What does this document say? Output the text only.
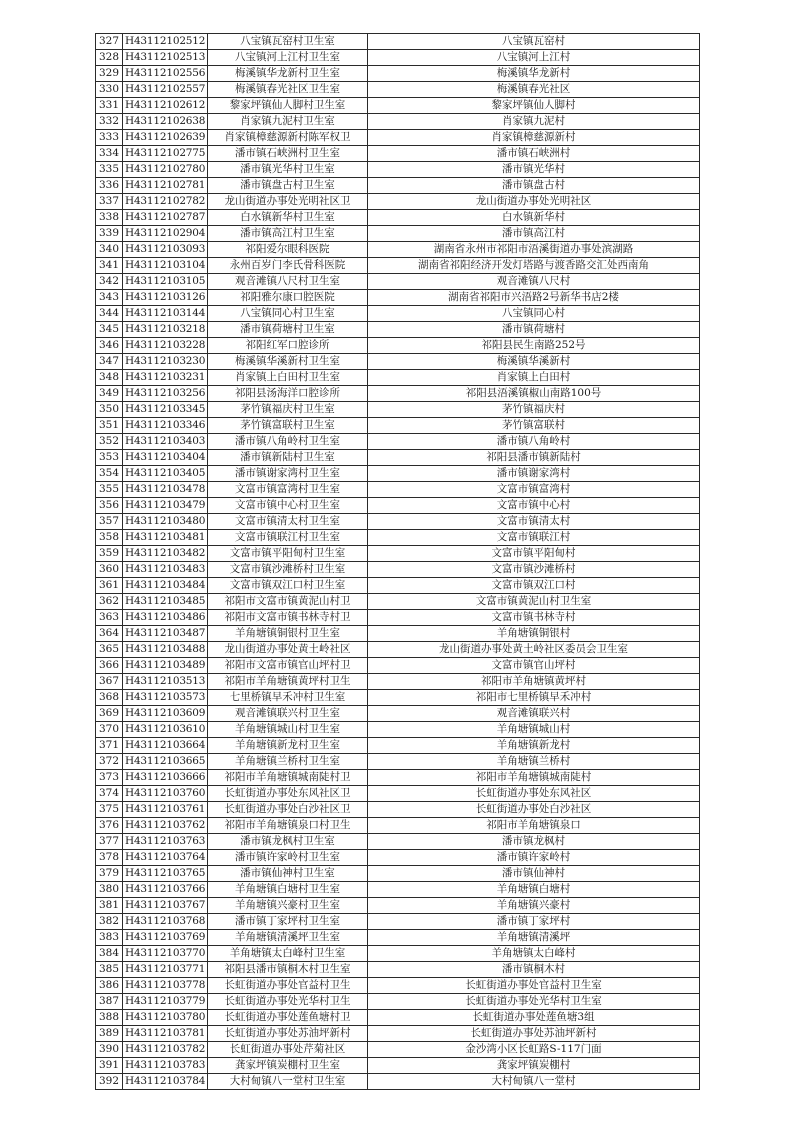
327	H43112102512	八宝镇瓦窑村卫生室	八宝镇瓦窑村
328	H43112102513	八宝镇河上江村卫生室	八宝镇河上江村
329	H43112102556	梅溪镇华龙新村卫生室	梅溪镇华龙新村
330	H43112102557	梅溪镇春光社区卫生室	梅溪镇春光社区
331	H43112102612	黎家坪镇仙人脚村卫生室	黎家坪镇仙人脚村
332	H43112102638	肖家镇九泥村卫生室	肖家镇九泥村
333	H43112102639	肖家镇樟慈源新村陈军权卫	肖家镇樟慈源新村
334	H43112102775	潘市镇石峡洲村卫生室	潘市镇石峡洲村
335	H43112102780	潘市镇光华村卫生室	潘市镇光华村
336	H43112102781	潘市镇盘古村卫生室	潘市镇盘古村
337	H43112102782	龙山街道办事处光明社区卫	龙山街道办事处光明社区
338	H43112102787	白水镇新华村卫生室	白水镇新华村
339	H43112102904	潘市镇高江村卫生室	潘市镇高江村
340	H43112103093	祁阳爱尔眼科医院	湖南省永州市祁阳市浯溪街道办事处滨湖路
341	H43112103104	永州百岁门李氏骨科医院	湖南省祁阳经济开发灯塔路与渡香路交汇处西南角
342	H43112103105	观音滩镇八尺村卫生室	观音滩镇八尺村
343	H43112103126	祁阳雅尔康口腔医院	湖南省祁阳市兴浯路2号新华书店2楼
344	H43112103144	八宝镇同心村卫生室	八宝镇同心村
345	H43112103218	潘市镇荷塘村卫生室	潘市镇荷塘村
346	H43112103228	祁阳红军口腔诊所	祁阳县民生南路252号
347	H43112103230	梅溪镇华溪新村卫生室	梅溪镇华溪新村
348	H43112103231	肖家镇上白田村卫生室	肖家镇上白田村
349	H43112103256	祁阳县汤海洋口腔诊所	祁阳县浯溪镇椒山南路100号
350	H43112103345	茅竹镇福庆村卫生室	茅竹镇福庆村
351	H43112103346	茅竹镇富联村卫生室	茅竹镇富联村
352	H43112103403	潘市镇八角岭村卫生室	潘市镇八角岭村
353	H43112103404	潘市镇新陆村卫生室	祁阳县潘市镇新陆村
354	H43112103405	潘市镇谢家湾村卫生室	潘市镇谢家湾村
355	H43112103478	文富市镇富湾村卫生室	文富市镇富湾村
356	H43112103479	文富市镇中心村卫生室	文富市镇中心村
357	H43112103480	文富市镇清太村卫生室	文富市镇清太村
358	H43112103481	文富市镇联江村卫生室	文富市镇联江村
359	H43112103482	文富市镇平阳甸村卫生室	文富市镇平阳甸村
360	H43112103483	文富市镇沙滩桥村卫生室	文富市镇沙滩桥村
361	H43112103484	文富市镇双江口村卫生室	文富市镇双江口村
362	H43112103485	祁阳市文富市镇黄泥山村卫	文富市镇黄泥山村卫生室
363	H43112103486	祁阳市文富市镇书林寺村卫	文富市镇书林寺村
364	H43112103487	羊角塘镇铜银村卫生室	羊角塘镇铜银村
365	H43112103488	龙山街道办事处黄土岭社区	龙山街道办事处黄土岭社区委员会卫生室
366	H43112103489	祁阳市文富市镇官山坪村卫	文富市镇官山坪村
367	H43112103513	祁阳市羊角塘镇黄坪村卫生	祁阳市羊角塘镇黄坪村
368	H43112103573	七里桥镇早禾冲村卫生室	祁阳市七里桥镇早禾冲村
369	H43112103609	观音滩镇联兴村卫生室	观音滩镇联兴村
370	H43112103610	羊角塘镇城山村卫生室	羊角塘镇城山村
371	H43112103664	羊角塘镇新龙村卫生室	羊角塘镇新龙村
372	H43112103665	羊角塘镇兰桥村卫生室	羊角塘镇兰桥村
373	H43112103666	祁阳市羊角塘镇城南陡村卫	祁阳市羊角塘镇城南陡村
374	H43112103760	长虹街道办事处东风社区卫	长虹街道办事处东风社区
375	H43112103761	长虹街道办事处白沙社区卫	长虹街道办事处白沙社区
376	H43112103762	祁阳市羊角塘镇泉口村卫生	祁阳市羊角塘镇泉口
377	H43112103763	潘市镇龙枫村卫生室	潘市镇龙枫村
378	H43112103764	潘市镇许家岭村卫生室	潘市镇许家岭村
379	H43112103765	潘市镇仙神村卫生室	潘市镇仙神村
380	H43112103766	羊角塘镇白塘村卫生室	羊角塘镇白塘村
381	H43112103767	羊角塘镇兴豪村卫生室	羊角塘镇兴豪村
382	H43112103768	潘市镇丁家坪村卫生室	潘市镇丁家坪村
383	H43112103769	羊角塘镇清溪坪卫生室	羊角塘镇清溪坪
384	H43112103770	羊角塘镇太白峰村卫生室	羊角塘镇太白峰村
385	H43112103771	祁阳县潘市镇桐木村卫生室	潘市镇桐木村
386	H43112103778	长虹街道办事处官益村卫生	长虹街道办事处官益村卫生室
387	H43112103779	长虹街道办事处光华村卫生	长虹街道办事处光华村卫生室
388	H43112103780	长虹街道办事处莲鱼塘村卫	长虹街道办事处莲鱼塘3组
389	H43112103781	长虹街道办事处苏油坪新村	长虹街道办事处苏油坪新村
390	H43112103782	长虹街道办事处芹菊社区	金沙湾小区长虹路S-117门面
391	H43112103783	龚家坪镇炭棚村卫生室	龚家坪镇炭棚村
392	H43112103784	大村甸镇八一堂村卫生室	大村甸镇八一堂村
